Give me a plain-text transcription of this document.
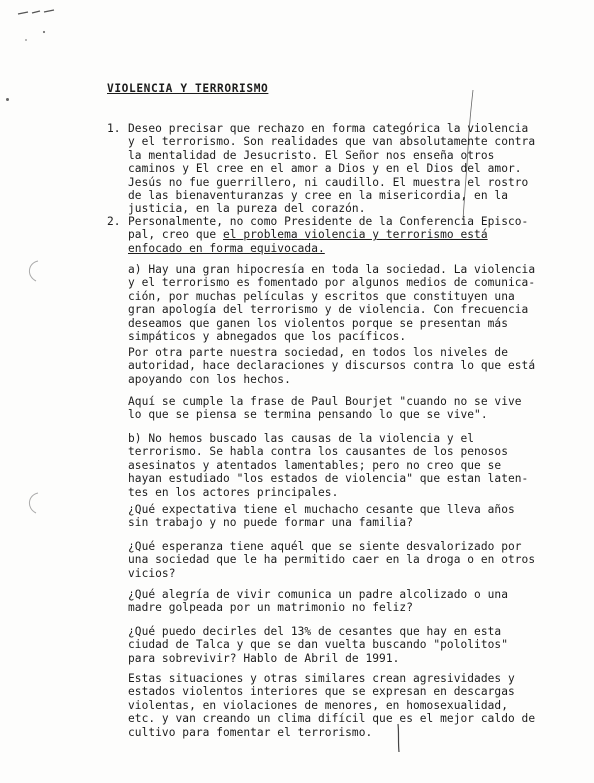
VIOLENCIA Y TERRORISMO
1. Deseo precisar que rechazo en forma categórica la violencia
y el terrorismo. Son realidades que van absolutamente contra
la mentalidad de Jesucristo. El Señor nos enseña otros
caminos y El cree en el amor a Dios y en el Dios del amor.
Jesús no fue guerrillero, ni caudillo. El muestra el rostro
de las bienaventuranzas y cree en la misericordia, en la
justicia, en la pureza del corazón.
2. Personalmente, no como Presidente de la Conferencia Episco-
pal, creo que el problema violencia y terrorismo está
enfocado en forma equivocada.
a) Hay una gran hipocresía en toda la sociedad. La violencia
y el terrorismo es fomentado por algunos medios de comunica-
ción, por muchas películas y escritos que constituyen una
gran apología del terrorismo y de violencia. Con frecuencia
deseamos que ganen los violentos porque se presentan más
simpáticos y abnegados que los pacíficos.
Por otra parte nuestra sociedad, en todos los niveles de
autoridad, hace declaraciones y discursos contra lo que está
apoyando con los hechos.
Aquí se cumple la frase de Paul Bourjet "cuando no se vive
lo que se piensa se termina pensando lo que se vive".
b) No hemos buscado las causas de la violencia y el
terrorismo. Se habla contra los causantes de los penosos
asesinatos y atentados lamentables; pero no creo que se
hayan estudiado "los estados de violencia" que estan laten-
tes en los actores principales.
¿Qué expectativa tiene el muchacho cesante que lleva años
sin trabajo y no puede formar una familia?
¿Qué esperanza tiene aquél que se siente desvalorizado por
una sociedad que le ha permitido caer en la droga o en otros
vicios?
¿Qué alegría de vivir comunica un padre alcolizado o una
madre golpeada por un matrimonio no feliz?
¿Qué puedo decirles del 13% de cesantes que hay en esta
ciudad de Talca y que se dan vuelta buscando "pololitos"
para sobrevivir? Hablo de Abril de 1991.
Estas situaciones y otras similares crean agresividades y
estados violentos interiores que se expresan en descargas
violentas, en violaciones de menores, en homosexualidad,
etc. y van creando un clima difícil que es el mejor caldo de
cultivo para fomentar el terrorismo.
